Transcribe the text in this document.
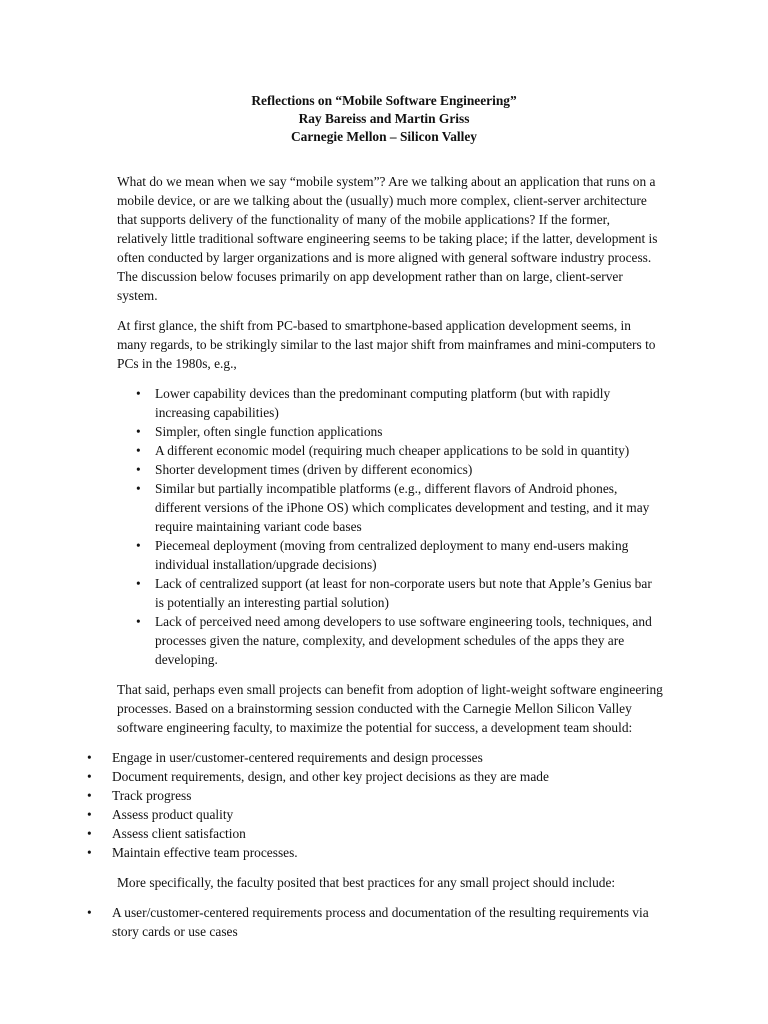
Reflections on “Mobile Software Engineering”
Ray Bareiss and Martin Griss
Carnegie Mellon – Silicon Valley

What do we mean when we say “mobile system”? Are we talking about an application that runs on a mobile device, or are we talking about the (usually) much more complex, client-server architecture that supports delivery of the functionality of many of the mobile applications? If the former, relatively little traditional software engineering seems to be taking place; if the latter, development is often conducted by larger organizations and is more aligned with general software industry process. The discussion below focuses primarily on app development rather than on large, client-server system.

At first glance, the shift from PC-based to smartphone-based application development seems, in many regards, to be strikingly similar to the last major shift from mainframes and mini-computers to PCs in the 1980s, e.g.,

• Lower capability devices than the predominant computing platform (but with rapidly increasing capabilities)
• Simpler, often single function applications
• A different economic model (requiring much cheaper applications to be sold in quantity)
• Shorter development times (driven by different economics)
• Similar but partially incompatible platforms (e.g., different flavors of Android phones, different versions of the iPhone OS) which complicates development and testing, and it may require maintaining variant code bases
• Piecemeal deployment (moving from centralized deployment to many end-users making individual installation/upgrade decisions)
• Lack of centralized support (at least for non-corporate users but note that Apple’s Genius bar is potentially an interesting partial solution)
• Lack of perceived need among developers to use software engineering tools, techniques, and processes given the nature, complexity, and development schedules of the apps they are developing.

That said, perhaps even small projects can benefit from adoption of light-weight software engineering processes. Based on a brainstorming session conducted with the Carnegie Mellon Silicon Valley software engineering faculty, to maximize the potential for success, a development team should:

• Engage in user/customer-centered requirements and design processes
• Document requirements, design, and other key project decisions as they are made
• Track progress
• Assess product quality
• Assess client satisfaction
• Maintain effective team processes.

More specifically, the faculty posited that best practices for any small project should include:

• A user/customer-centered requirements process and documentation of the resulting requirements via story cards or use cases
